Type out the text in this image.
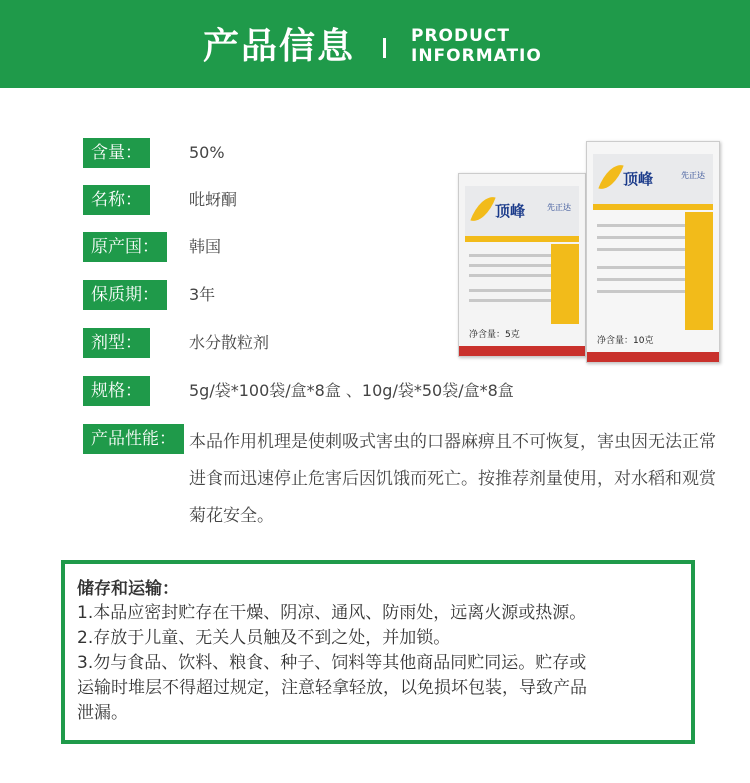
产品信息	PRODUCT
INFORMATIO
含量：	50%
名称：	吡蚜酮
原产国：	韩国
保质期：	3年
剂型：	水分散粒剂
规格：	5g/袋*100袋/盒*8盒 、10g/袋*50袋/盒*8盒
产品性能： 本品作用机理是使刺吸式害虫的口器麻痹且不可恢复，害虫因无法正常进食而迅速停止危害后因饥饿而死亡。按推荐剂量使用，对水稻和观赏菊花安全。
顶峰	先正达
净含量：5克
顶峰	先正达
净含量：10克
储存和运输：
1.本品应密封贮存在干燥、阴凉、通风、防雨处，远离火源或热源。
2.存放于儿童、无关人员触及不到之处，并加锁。
3.勿与食品、饮料、粮食、种子、饲料等其他商品同贮同运。贮存或
运输时堆层不得超过规定，注意轻拿轻放，以免损坏包装，导致产品
泄漏。
